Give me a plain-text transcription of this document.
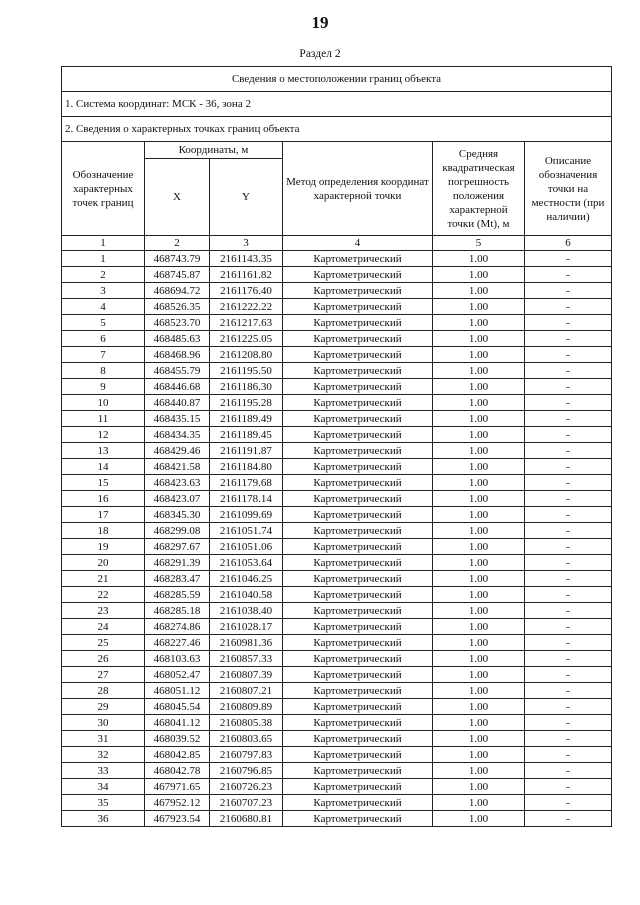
19
Раздел 2
Сведения о местоположении границ объекта					
1. Система координат: МСК - 36, зона 2					
2. Сведения о характерных точках границ объекта					
Обозначение характерных точек границ	Координаты, м		Метод определения координат характерной точки	Средняя квадратическая погрешность положения характерной точки (Mt), м	Описание обозначения точки на местности (при наличии)
	X	Y			
1	2	3	4	5	6
1	468743.79	2161143.35	Картометрический	1.00	-
2	468745.87	2161161.82	Картометрический	1.00	-
3	468694.72	2161176.40	Картометрический	1.00	-
4	468526.35	2161222.22	Картометрический	1.00	-
5	468523.70	2161217.63	Картометрический	1.00	-
6	468485.63	2161225.05	Картометрический	1.00	-
7	468468.96	2161208.80	Картометрический	1.00	-
8	468455.79	2161195.50	Картометрический	1.00	-
9	468446.68	2161186.30	Картометрический	1.00	-
10	468440.87	2161195.28	Картометрический	1.00	-
11	468435.15	2161189.49	Картометрический	1.00	-
12	468434.35	2161189.45	Картометрический	1.00	-
13	468429.46	2161191.87	Картометрический	1.00	-
14	468421.58	2161184.80	Картометрический	1.00	-
15	468423.63	2161179.68	Картометрический	1.00	-
16	468423.07	2161178.14	Картометрический	1.00	-
17	468345.30	2161099.69	Картометрический	1.00	-
18	468299.08	2161051.74	Картометрический	1.00	-
19	468297.67	2161051.06	Картометрический	1.00	-
20	468291.39	2161053.64	Картометрический	1.00	-
21	468283.47	2161046.25	Картометрический	1.00	-
22	468285.59	2161040.58	Картометрический	1.00	-
23	468285.18	2161038.40	Картометрический	1.00	-
24	468274.86	2161028.17	Картометрический	1.00	-
25	468227.46	2160981.36	Картометрический	1.00	-
26	468103.63	2160857.33	Картометрический	1.00	-
27	468052.47	2160807.39	Картометрический	1.00	-
28	468051.12	2160807.21	Картометрический	1.00	-
29	468045.54	2160809.89	Картометрический	1.00	-
30	468041.12	2160805.38	Картометрический	1.00	-
31	468039.52	2160803.65	Картометрический	1.00	-
32	468042.85	2160797.83	Картометрический	1.00	-
33	468042.78	2160796.85	Картометрический	1.00	-
34	467971.65	2160726.23	Картометрический	1.00	-
35	467952.12	2160707.23	Картометрический	1.00	-
36	467923.54	2160680.81	Картометрический	1.00	-
